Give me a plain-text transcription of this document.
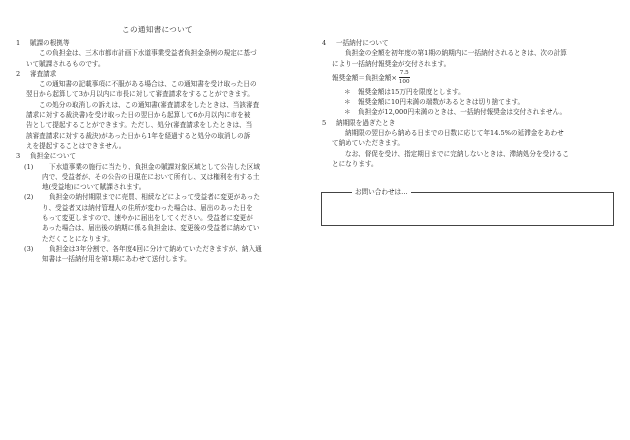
この通知書について
1	賦課の根拠等
この負担金は、三木市都市計画下水道事業受益者負担金条例の規定に基づ
いて賦課されるものです。
2	審査請求
この通知書の記載事項に不服がある場合は、この通知書を受け取った日の
翌日から起算して3か月以内に市長に対して審査請求をすることができます。
この処分の取消しの訴えは、この通知書(審査請求をしたときは、当該審査
請求に対する裁決書)を受け取った日の翌日から起算して6か月以内に市を被
告として提起することができます。ただし、処分(審査請求をしたときは、当
該審査請求に対する裁決)があった日から1年を経過すると処分の取消しの訴
えを提起することはできません。
3	負担金について
(1)	下水道事業の施行に当たり、負担金の賦課対象区域として公告した区域
内で、受益者が、その公告の日現在において所有し、又は権利を有する土
地(受益地)について賦課されます。
(2)	負担金の納付期限までに売買、相続などによって受益者に変更があった
り、受益者又は納付管理人の住所が変わった場合は、届出のあった日を
もって変更しますので、速やかに届出をしてください。受益者に変更が
あった場合は、届出後の納期に係る負担金は、変更後の受益者に納めてい
ただくことになります。
(3)	負担金は3年分割で、各年度4回に分けて納めていただきますが、納入通
知書は一括納付用を第1期にあわせて送付します。
4	一括納付について
負担金の全額を初年度の第1期の納期内に一括納付されるときは、次の計算
により一括納付報奨金が交付されます。
報奨金額＝負担金額× $\frac{7.5}{100}$
＊	報奨金額は15万円を限度とします。
＊	報奨金額に10円未満の端数があるときは切り捨てます。
＊	負担金が12,000円未満のときは、一括納付報奨金は交付されません。
5	納期限を過ぎたとき
納期限の翌日から納める日までの日数に応じて年14.5%の延滞金をあわせ
て納めていただきます。
なお、督促を受け、指定期日までに完納しないときは、滞納処分を受けるこ
とになります。
お問い合わせは…
